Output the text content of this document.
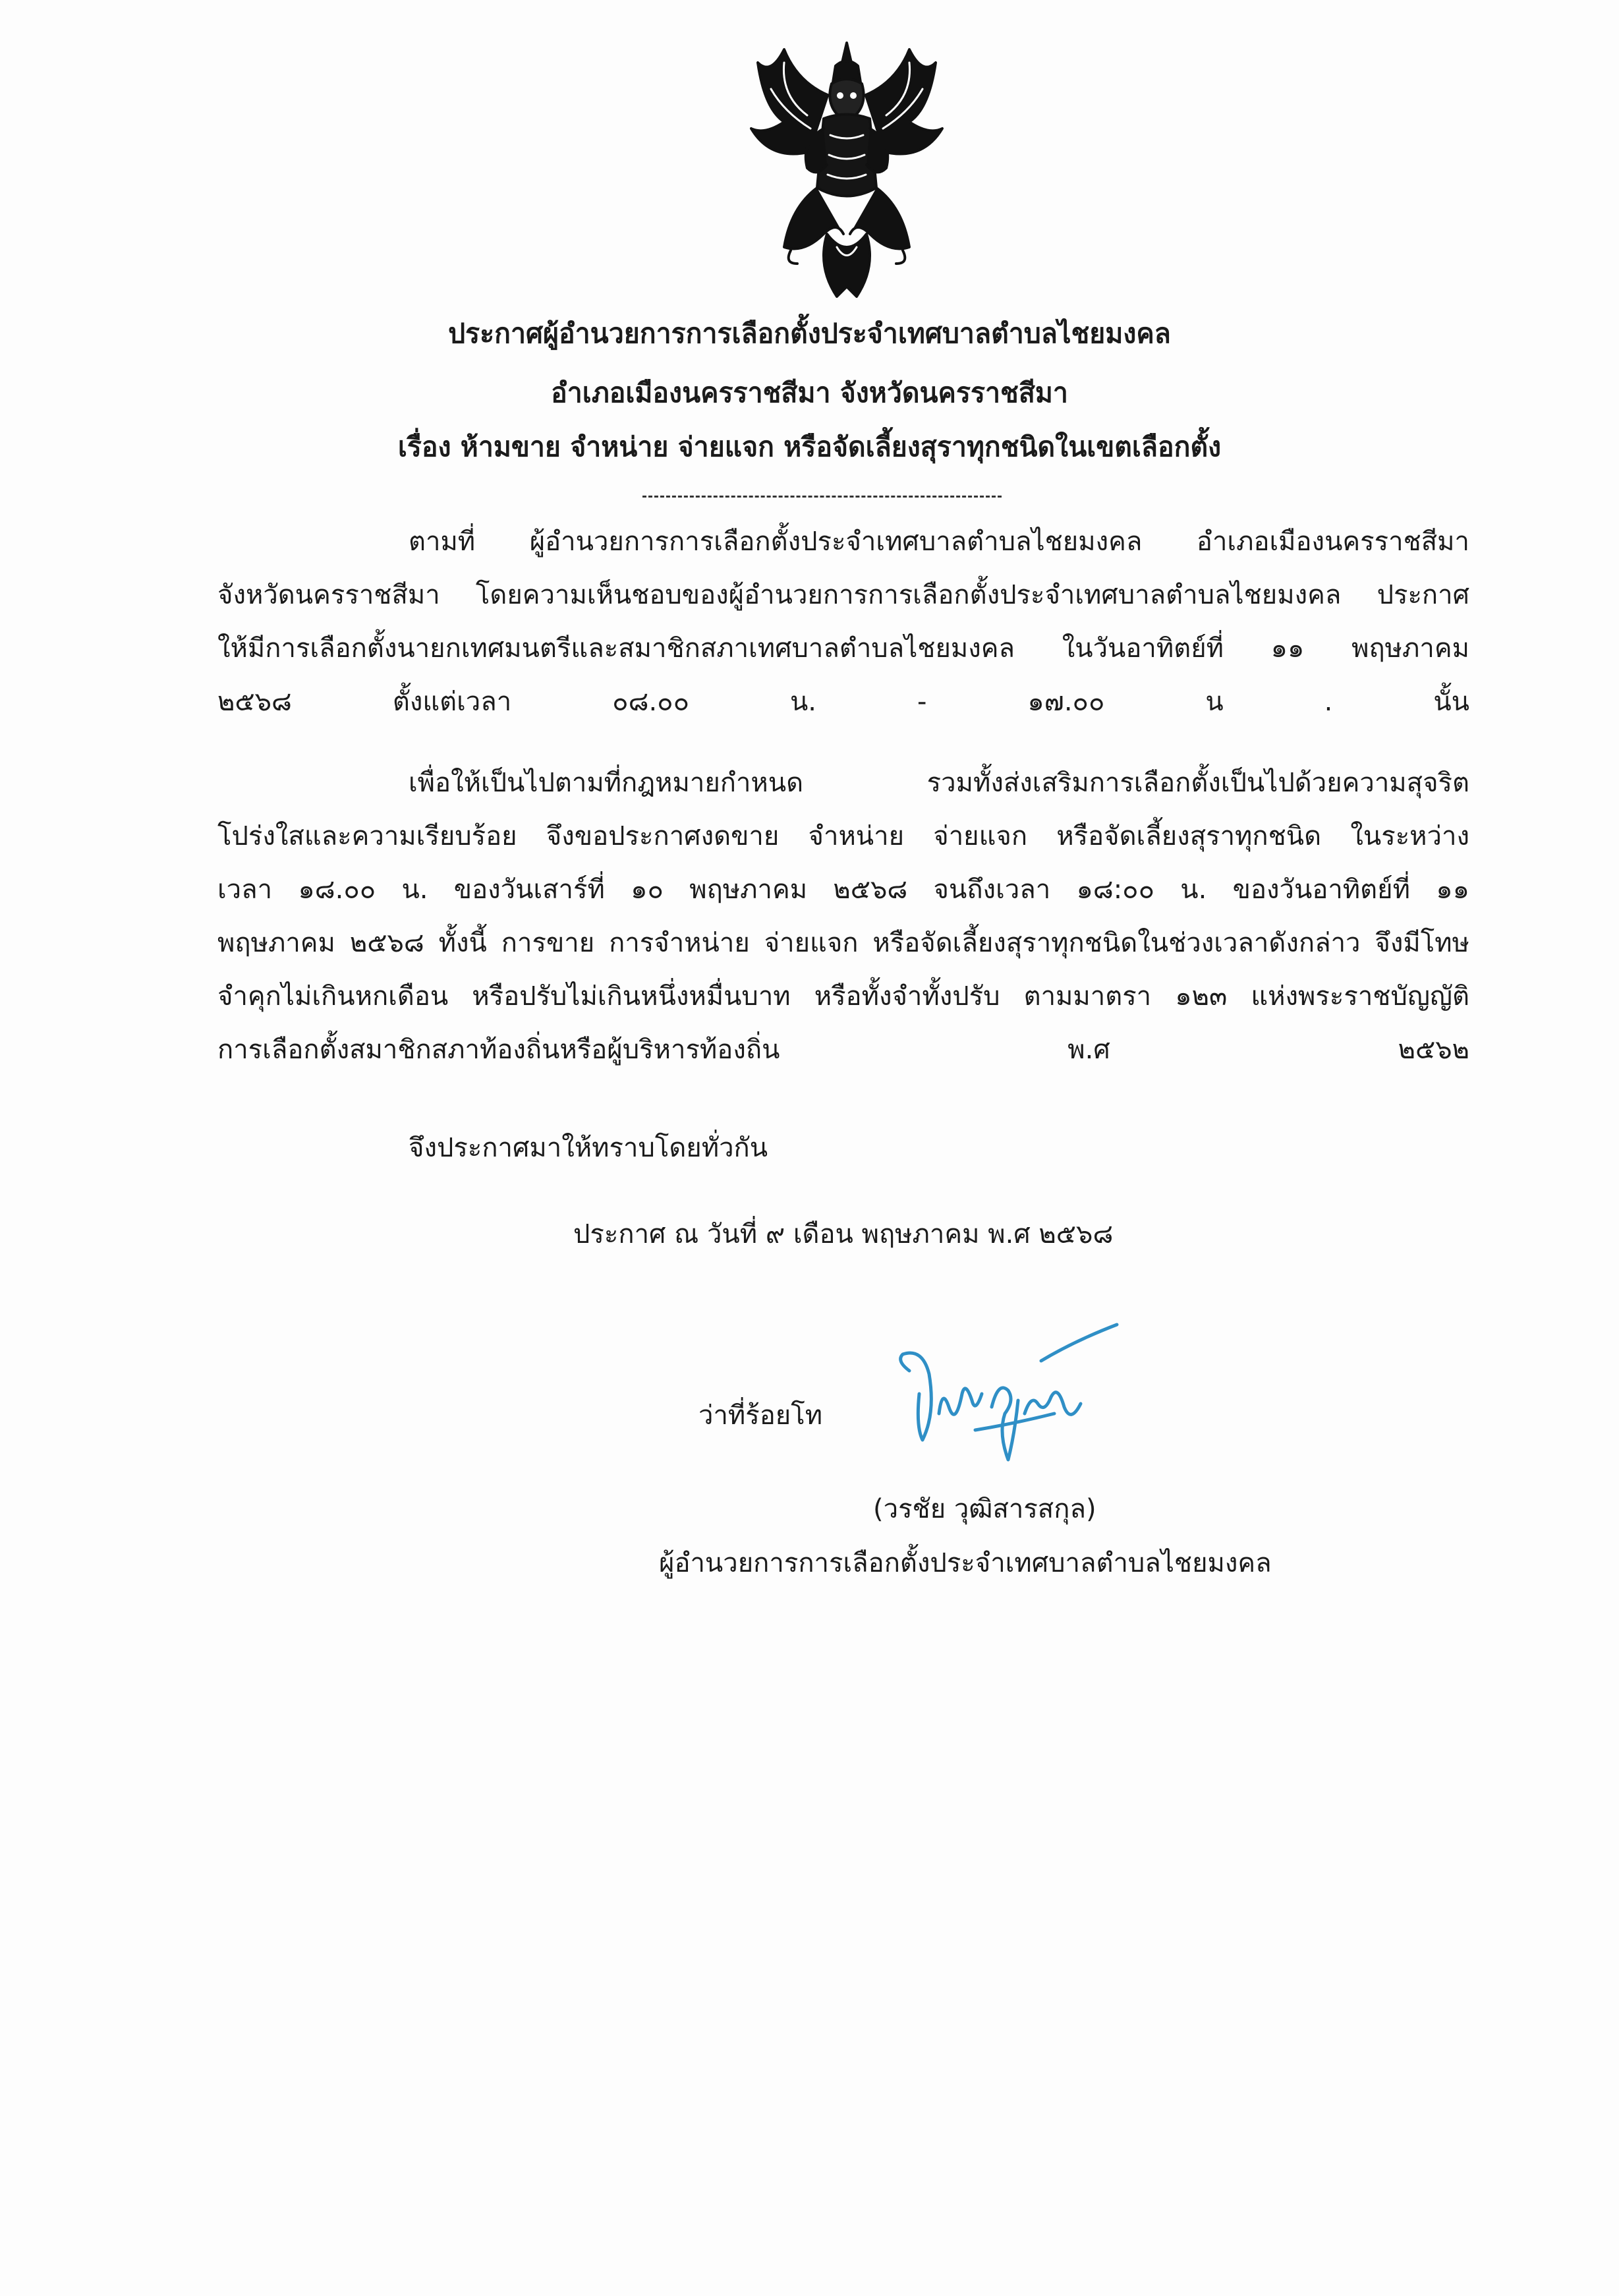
ประกาศผู้อำนวยการการเลือกตั้งประจำเทศบาลตำบลไชยมงคล
อำเภอเมืองนครราชสีมา จังหวัดนครราชสีมา
เรื่อง ห้ามขาย จำหน่าย จ่ายแจก หรือจัดเลี้ยงสุราทุกชนิดในเขตเลือกตั้ง
ตามที่ ผู้อำนวยการการเลือกตั้งประจำเทศบาลตำบลไชยมงคล อำเภอเมืองนครราชสีมา
จังหวัดนครราชสีมา โดยความเห็นชอบของผู้อำนวยการการเลือกตั้งประจำเทศบาลตำบลไชยมงคล ประกาศ
ให้มีการเลือกตั้งนายกเทศมนตรีและสมาชิกสภาเทศบาลตำบลไชยมงคล ในวันอาทิตย์ที่ ๑๑ พฤษภาคม
๒๕๖๘ ตั้งแต่เวลา ๐๘.๐๐ น. - ๑๗.๐๐ น . นั้น
เพื่อให้เป็นไปตามที่กฎหมายกำหนด รวมทั้งส่งเสริมการเลือกตั้งเป็นไปด้วยความสุจริต
โปร่งใสและความเรียบร้อย จึงขอประกาศงดขาย จำหน่าย จ่ายแจก หรือจัดเลี้ยงสุราทุกชนิด ในระหว่าง
เวลา ๑๘.๐๐ น. ของวันเสาร์ที่ ๑๐ พฤษภาคม ๒๕๖๘ จนถึงเวลา ๑๘:๐๐ น. ของวันอาทิตย์ที่ ๑๑
พฤษภาคม ๒๕๖๘ ทั้งนี้ การขาย การจำหน่าย จ่ายแจก หรือจัดเลี้ยงสุราทุกชนิดในช่วงเวลาดังกล่าว จึงมีโทษ
จำคุกไม่เกินหกเดือน หรือปรับไม่เกินหนึ่งหมื่นบาท หรือทั้งจำทั้งปรับ ตามมาตรา ๑๒๓ แห่งพระราชบัญญัติ
การเลือกตั้งสมาชิกสภาท้องถิ่นหรือผู้บริหารท้องถิ่น พ.ศ ๒๕๖๒
จึงประกาศมาให้ทราบโดยทั่วกัน
ประกาศ ณ วันที่ ๙ เดือน พฤษภาคม พ.ศ ๒๕๖๘
ว่าที่ร้อยโท
(วรชัย วุฒิสารสกุล)
ผู้อำนวยการการเลือกตั้งประจำเทศบาลตำบลไชยมงคล
